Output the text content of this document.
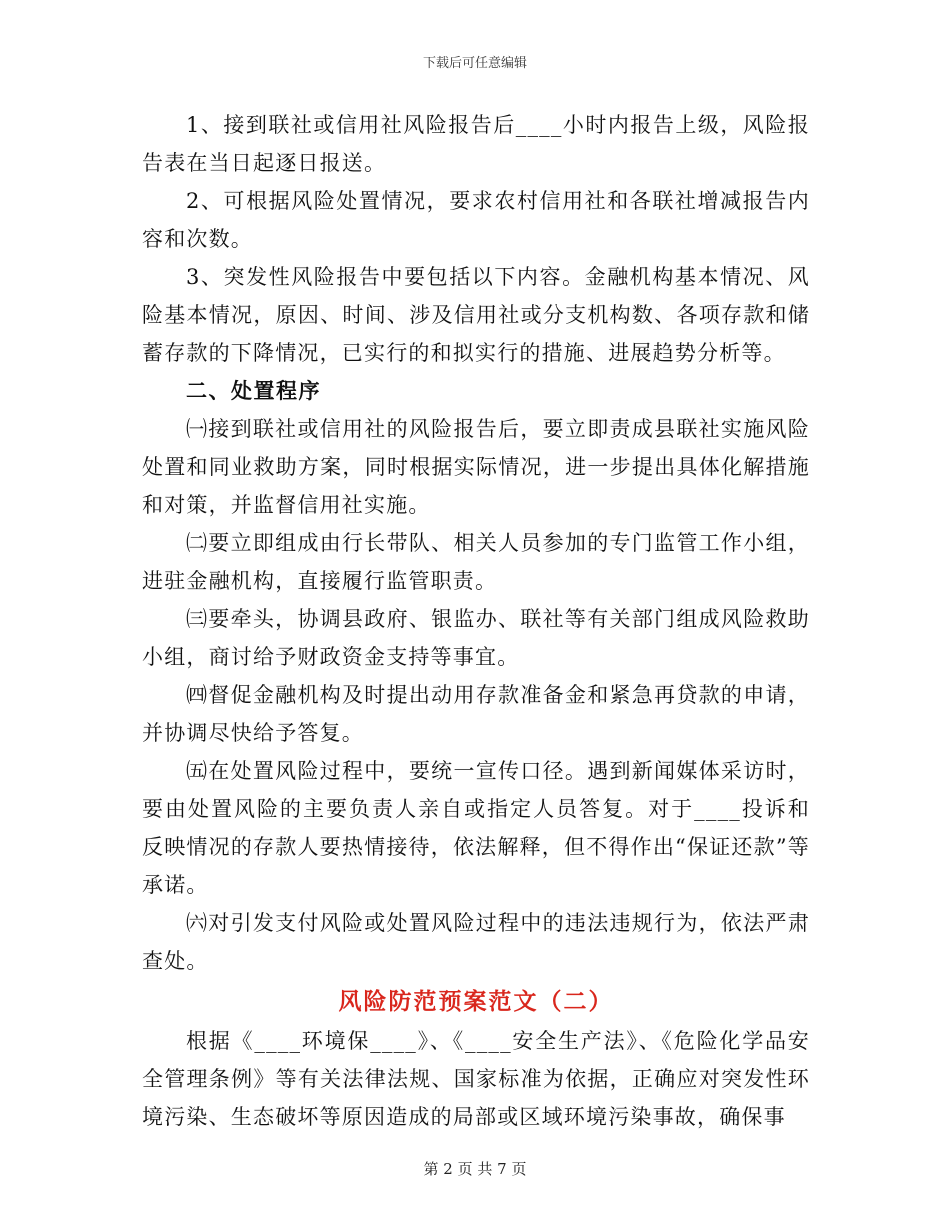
下载后可任意编辑

1、接到联社或信用社风险报告后____小时内报告上级，风险报告表在当日起逐日报送。

2、可根据风险处置情况，要求农村信用社和各联社增减报告内容和次数。

3、突发性风险报告中要包括以下内容。金融机构基本情况、风险基本情况，原因、时间、涉及信用社或分支机构数、各项存款和储蓄存款的下降情况，已实行的和拟实行的措施、进展趋势分析等。

二、处置程序

㈠接到联社或信用社的风险报告后，要立即责成县联社实施风险处置和同业救助方案，同时根据实际情况，进一步提出具体化解措施和对策，并监督信用社实施。

㈡要立即组成由行长带队、相关人员参加的专门监管工作小组，进驻金融机构，直接履行监管职责。

㈢要牵头，协调县政府、银监办、联社等有关部门组成风险救助小组，商讨给予财政资金支持等事宜。

㈣督促金融机构及时提出动用存款准备金和紧急再贷款的申请，并协调尽快给予答复。

㈤在处置风险过程中，要统一宣传口径。遇到新闻媒体采访时，要由处置风险的主要负责人亲自或指定人员答复。对于____投诉和反映情况的存款人要热情接待，依法解释，但不得作出“保证还款”等承诺。

㈥对引发支付风险或处置风险过程中的违法违规行为，依法严肃查处。

风险防范预案范文（二）

根据《____环境保____》、《____安全生产法》、《危险化学品安全管理条例》等有关法律法规、国家标准为依据，正确应对突发性环境污染、生态破坏等原因造成的局部或区域环境污染事故，确保事

第 2 页 共 7 页
